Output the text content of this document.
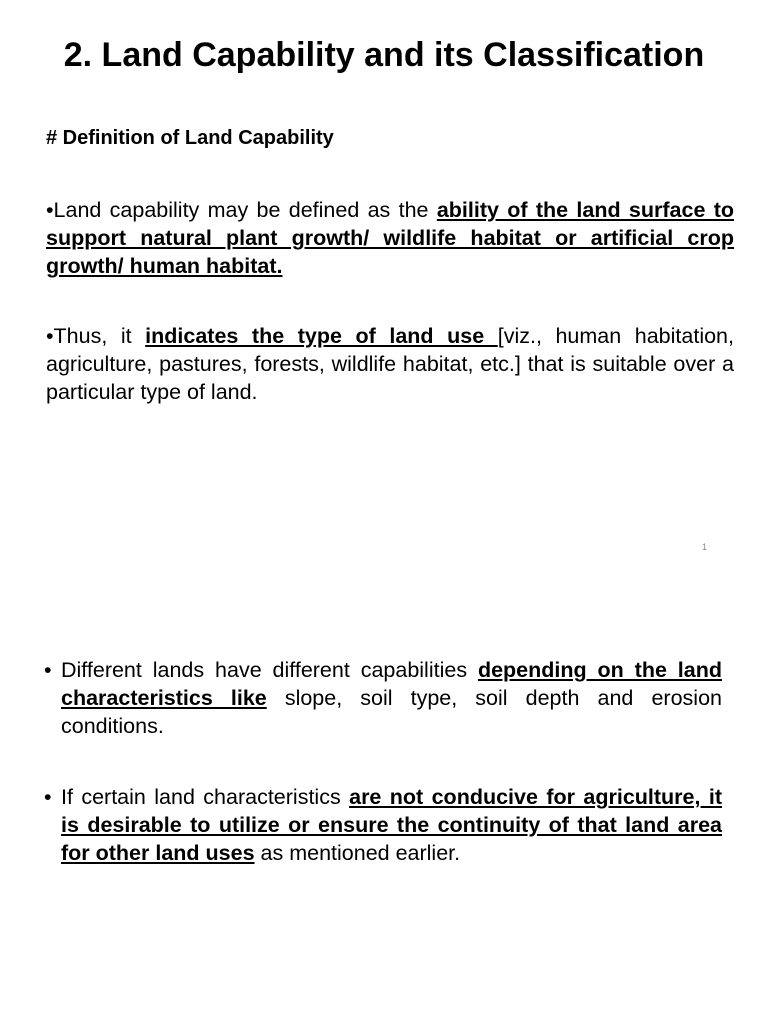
2. Land Capability and its Classification
# Definition of Land Capability

•Land capability may be defined as the ability of the land surface to support natural plant growth/ wildlife habitat or artificial crop growth/ human habitat.

•Thus, it indicates the type of land use [viz., human habitation, agriculture, pastures, forests, wildlife habitat, etc.] that is suitable over a particular type of land.

1
• Different lands have different capabilities depending on the land characteristics like slope, soil type, soil depth and erosion conditions.
• If certain land characteristics are not conducive for agriculture, it is desirable to utilize or ensure the continuity of that land area for other land uses as mentioned earlier.
